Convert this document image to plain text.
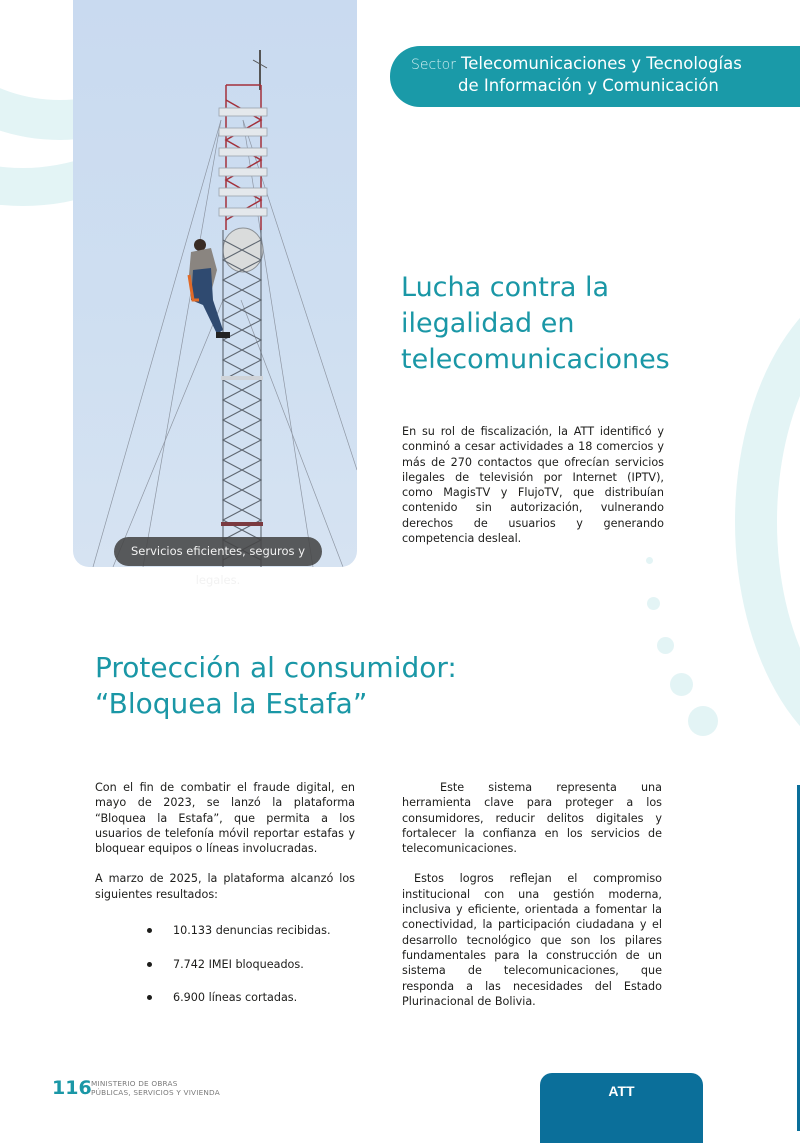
Servicios eficientes, seguros y legales.
Sector Telecomunicaciones y Tecnologías
de Información y Comunicación
Lucha contra la
ilegalidad en
telecomunicaciones
En su rol de fiscalización, la ATT identificó y conminó a cesar actividades a 18 comercios y más de 270 contactos que ofrecían servicios ilegales de televisión por Internet (IPTV), como MagisTV y FlujoTV, que distribuían contenido sin autorización, vulnerando derechos de usuarios y generando competencia desleal.
Protección al consumidor:
“Bloquea la Estafa”

Con el fin de combatir el fraude digital, en mayo de 2023, se lanzó la plataforma “Bloquea la Estafa”, que permita a los usuarios de telefonía móvil reportar estafas y bloquear equipos o líneas involucradas.

A marzo de 2025, la plataforma alcanzó los siguientes resultados:

10.133 denuncias recibidas.
7.742 IMEI bloqueados.
6.900 líneas cortadas.

Este sistema representa una herramienta clave para proteger a los consumidores, reducir delitos digitales y fortalecer la confianza en los servicios de telecomunicaciones.

Estos logros reflejan el compromiso institucional con una gestión moderna, inclusiva y eficiente, orientada a fomentar la conectividad, la participación ciudadana y el desarrollo tecnológico que son los pilares fundamentales para la construcción de un sistema de telecomunicaciones, que responda a las necesidades del Estado Plurinacional de Bolivia.

116 MINISTERIO DE OBRAS
PÚBLICAS, SERVICIOS Y VIVIENDA	ATT
